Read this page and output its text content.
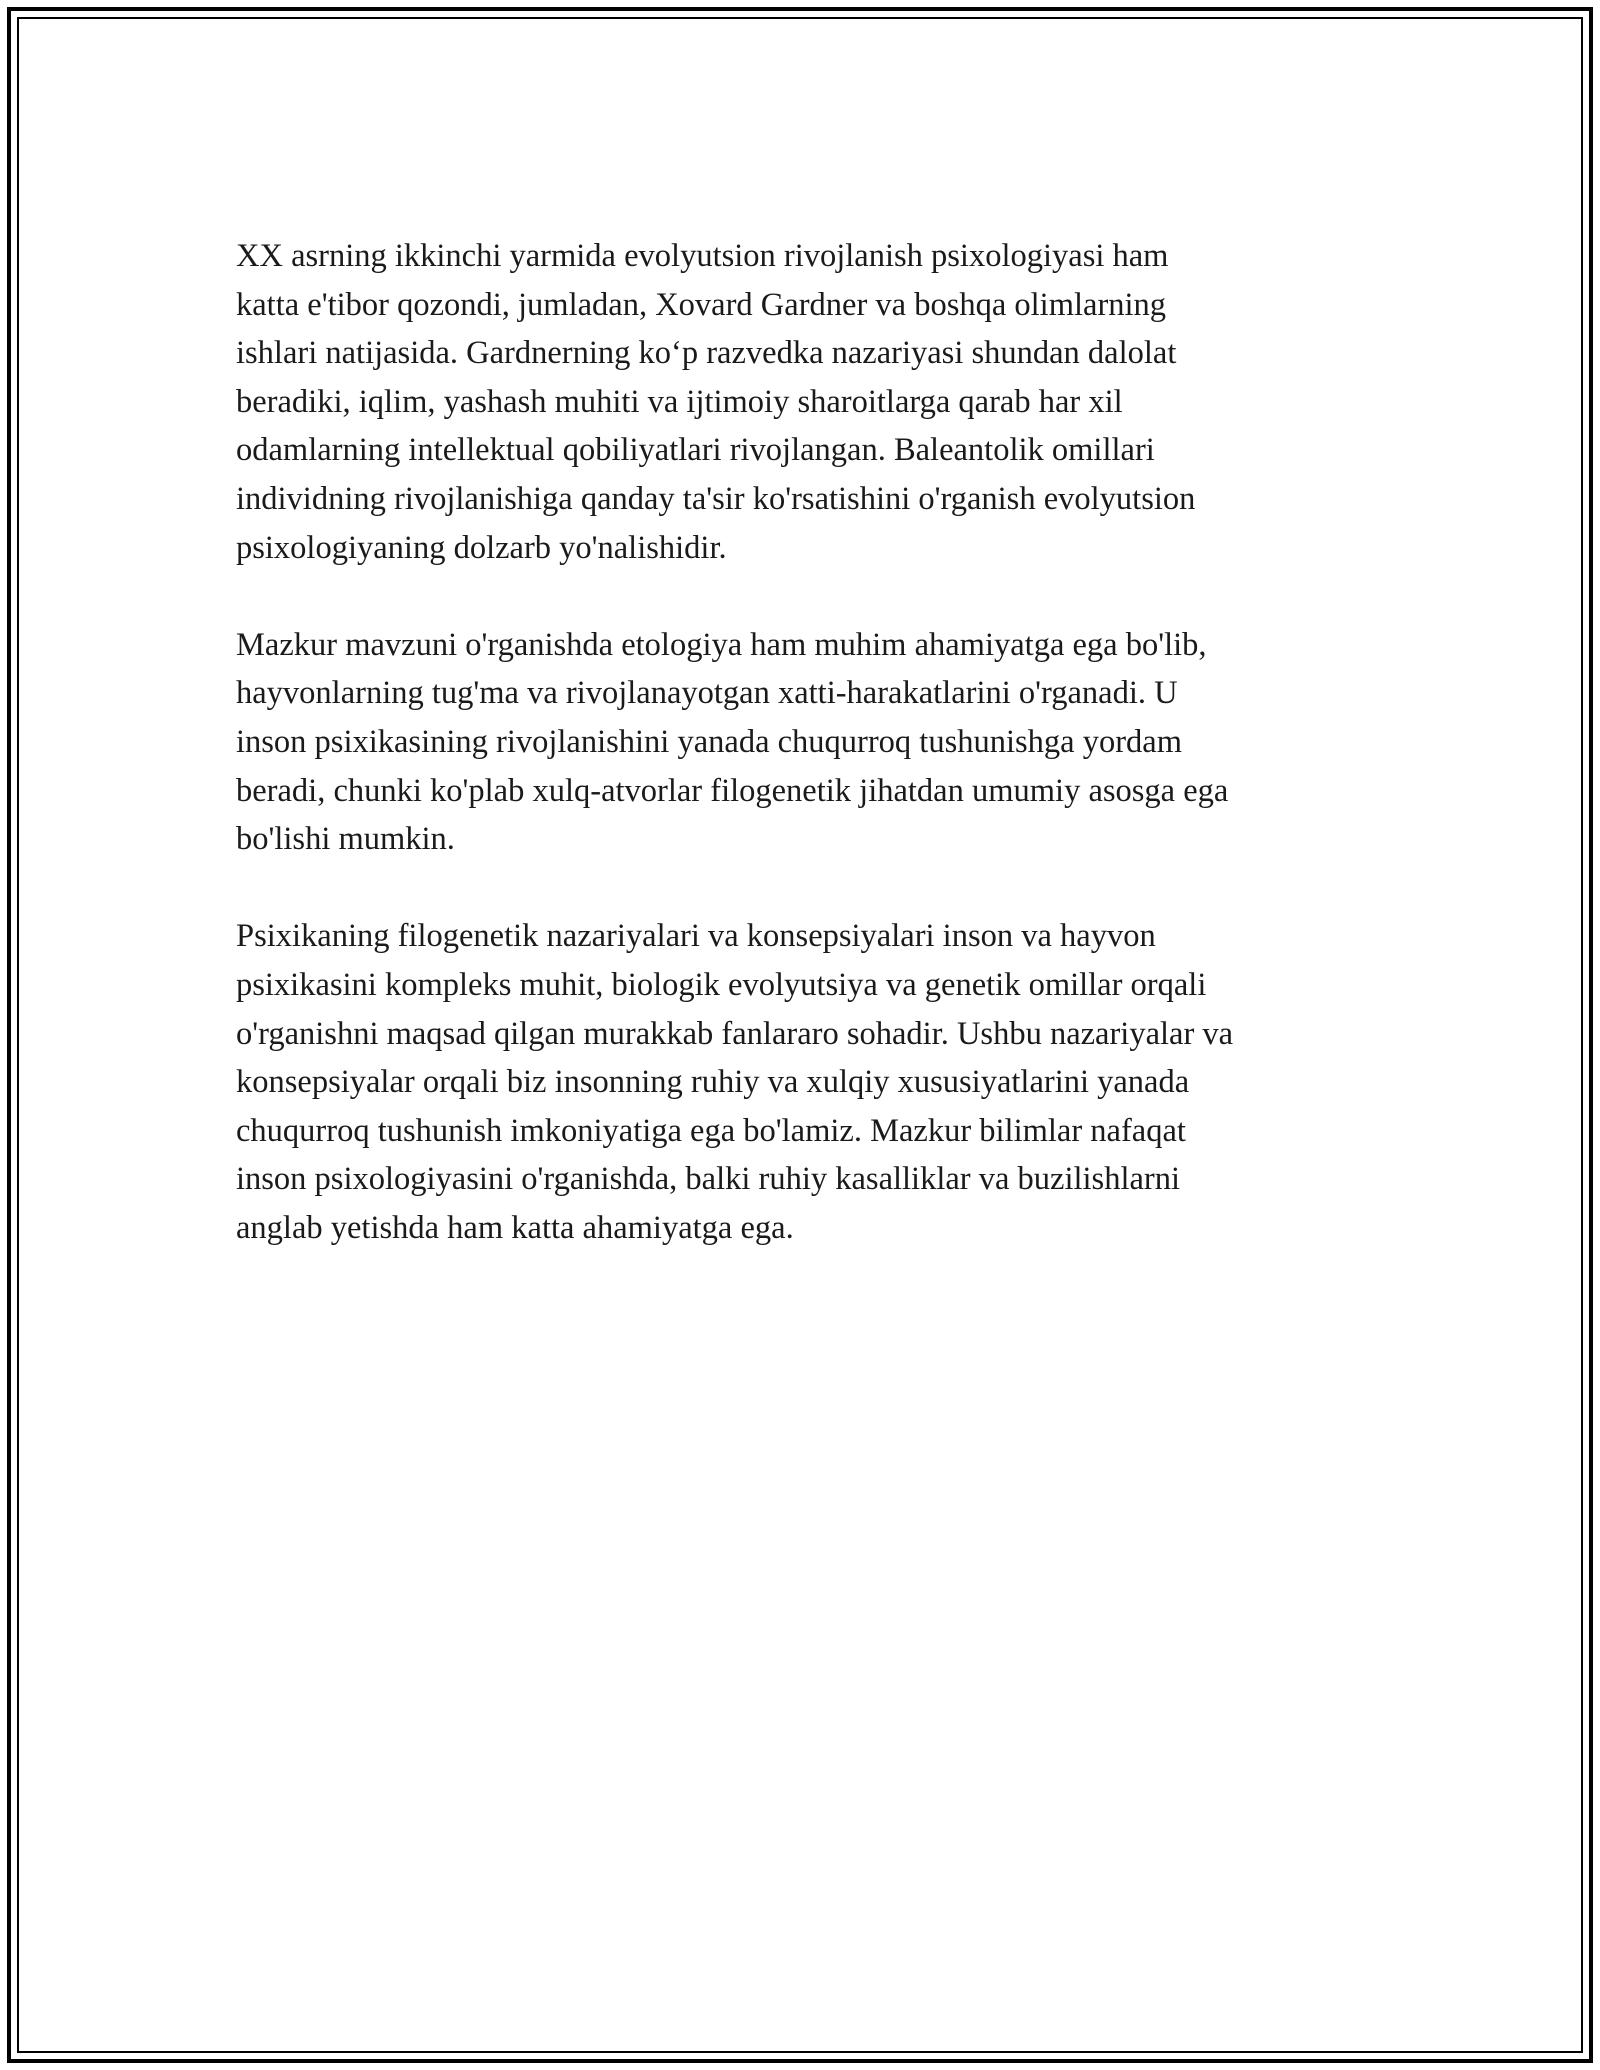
XX asrning ikkinchi yarmida evolyutsion rivojlanish psixologiyasi ham
katta e'tibor qozondi, jumladan, Xovard Gardner va boshqa olimlarning
ishlari natijasida. Gardnerning ko‘p razvedka nazariyasi shundan dalolat
beradiki, iqlim, yashash muhiti va ijtimoiy sharoitlarga qarab har xil
odamlarning intellektual qobiliyatlari rivojlangan. Baleantolik omillari
individning rivojlanishiga qanday ta'sir ko'rsatishini o'rganish evolyutsion
psixologiyaning dolzarb yo'nalishidir.

Mazkur mavzuni o'rganishda etologiya ham muhim ahamiyatga ega bo'lib,
hayvonlarning tug'ma va rivojlanayotgan xatti-harakatlarini o'rganadi. U
inson psixikasining rivojlanishini yanada chuqurroq tushunishga yordam
beradi, chunki ko'plab xulq-atvorlar filogenetik jihatdan umumiy asosga ega
bo'lishi mumkin.

Psixikaning filogenetik nazariyalari va konsepsiyalari inson va hayvon
psixikasini kompleks muhit, biologik evolyutsiya va genetik omillar orqali
o'rganishni maqsad qilgan murakkab fanlararo sohadir. Ushbu nazariyalar va
konsepsiyalar orqali biz insonning ruhiy va xulqiy xususiyatlarini yanada
chuqurroq tushunish imkoniyatiga ega bo'lamiz. Mazkur bilimlar nafaqat
inson psixologiyasini o'rganishda, balki ruhiy kasalliklar va buzilishlarni
anglab yetishda ham katta ahamiyatga ega.
